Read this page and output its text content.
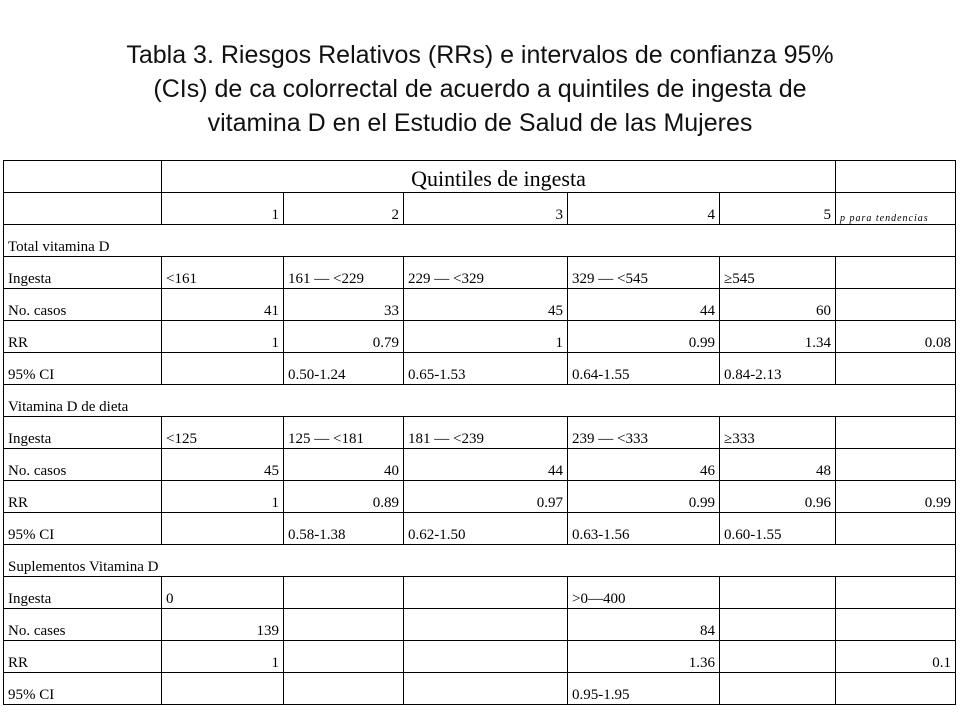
Tabla 3. Riesgos Relativos (RRs) e intervalos de confianza 95%
(CIs) de ca colorrectal de acuerdo a quintiles de ingesta de
vitamina D en el Estudio de Salud de las Mujeres
	Quintiles de ingesta					
	1	2	3	4	5	p para tendencias
Total vitamina D						
Ingesta	<161	161 — <229	229 — <329	329 — <545	≥545	
No. casos	41	33	45	44	60	
RR	1	0.79	1	0.99	1.34	0.08
95% CI		0.50-1.24	0.65-1.53	0.64-1.55	0.84-2.13	
Vitamina D de dieta						
Ingesta	<125	125 — <181	181 — <239	239 — <333	≥333	
No. casos	45	40	44	46	48	
RR	1	0.89	0.97	0.99	0.96	0.99
95% CI		0.58-1.38	0.62-1.50	0.63-1.56	0.60-1.55	
Suplementos Vitamina D						
Ingesta	0			>0—400		
No. cases	139			84		
RR	1			1.36		0.1
95% CI				0.95-1.95		
